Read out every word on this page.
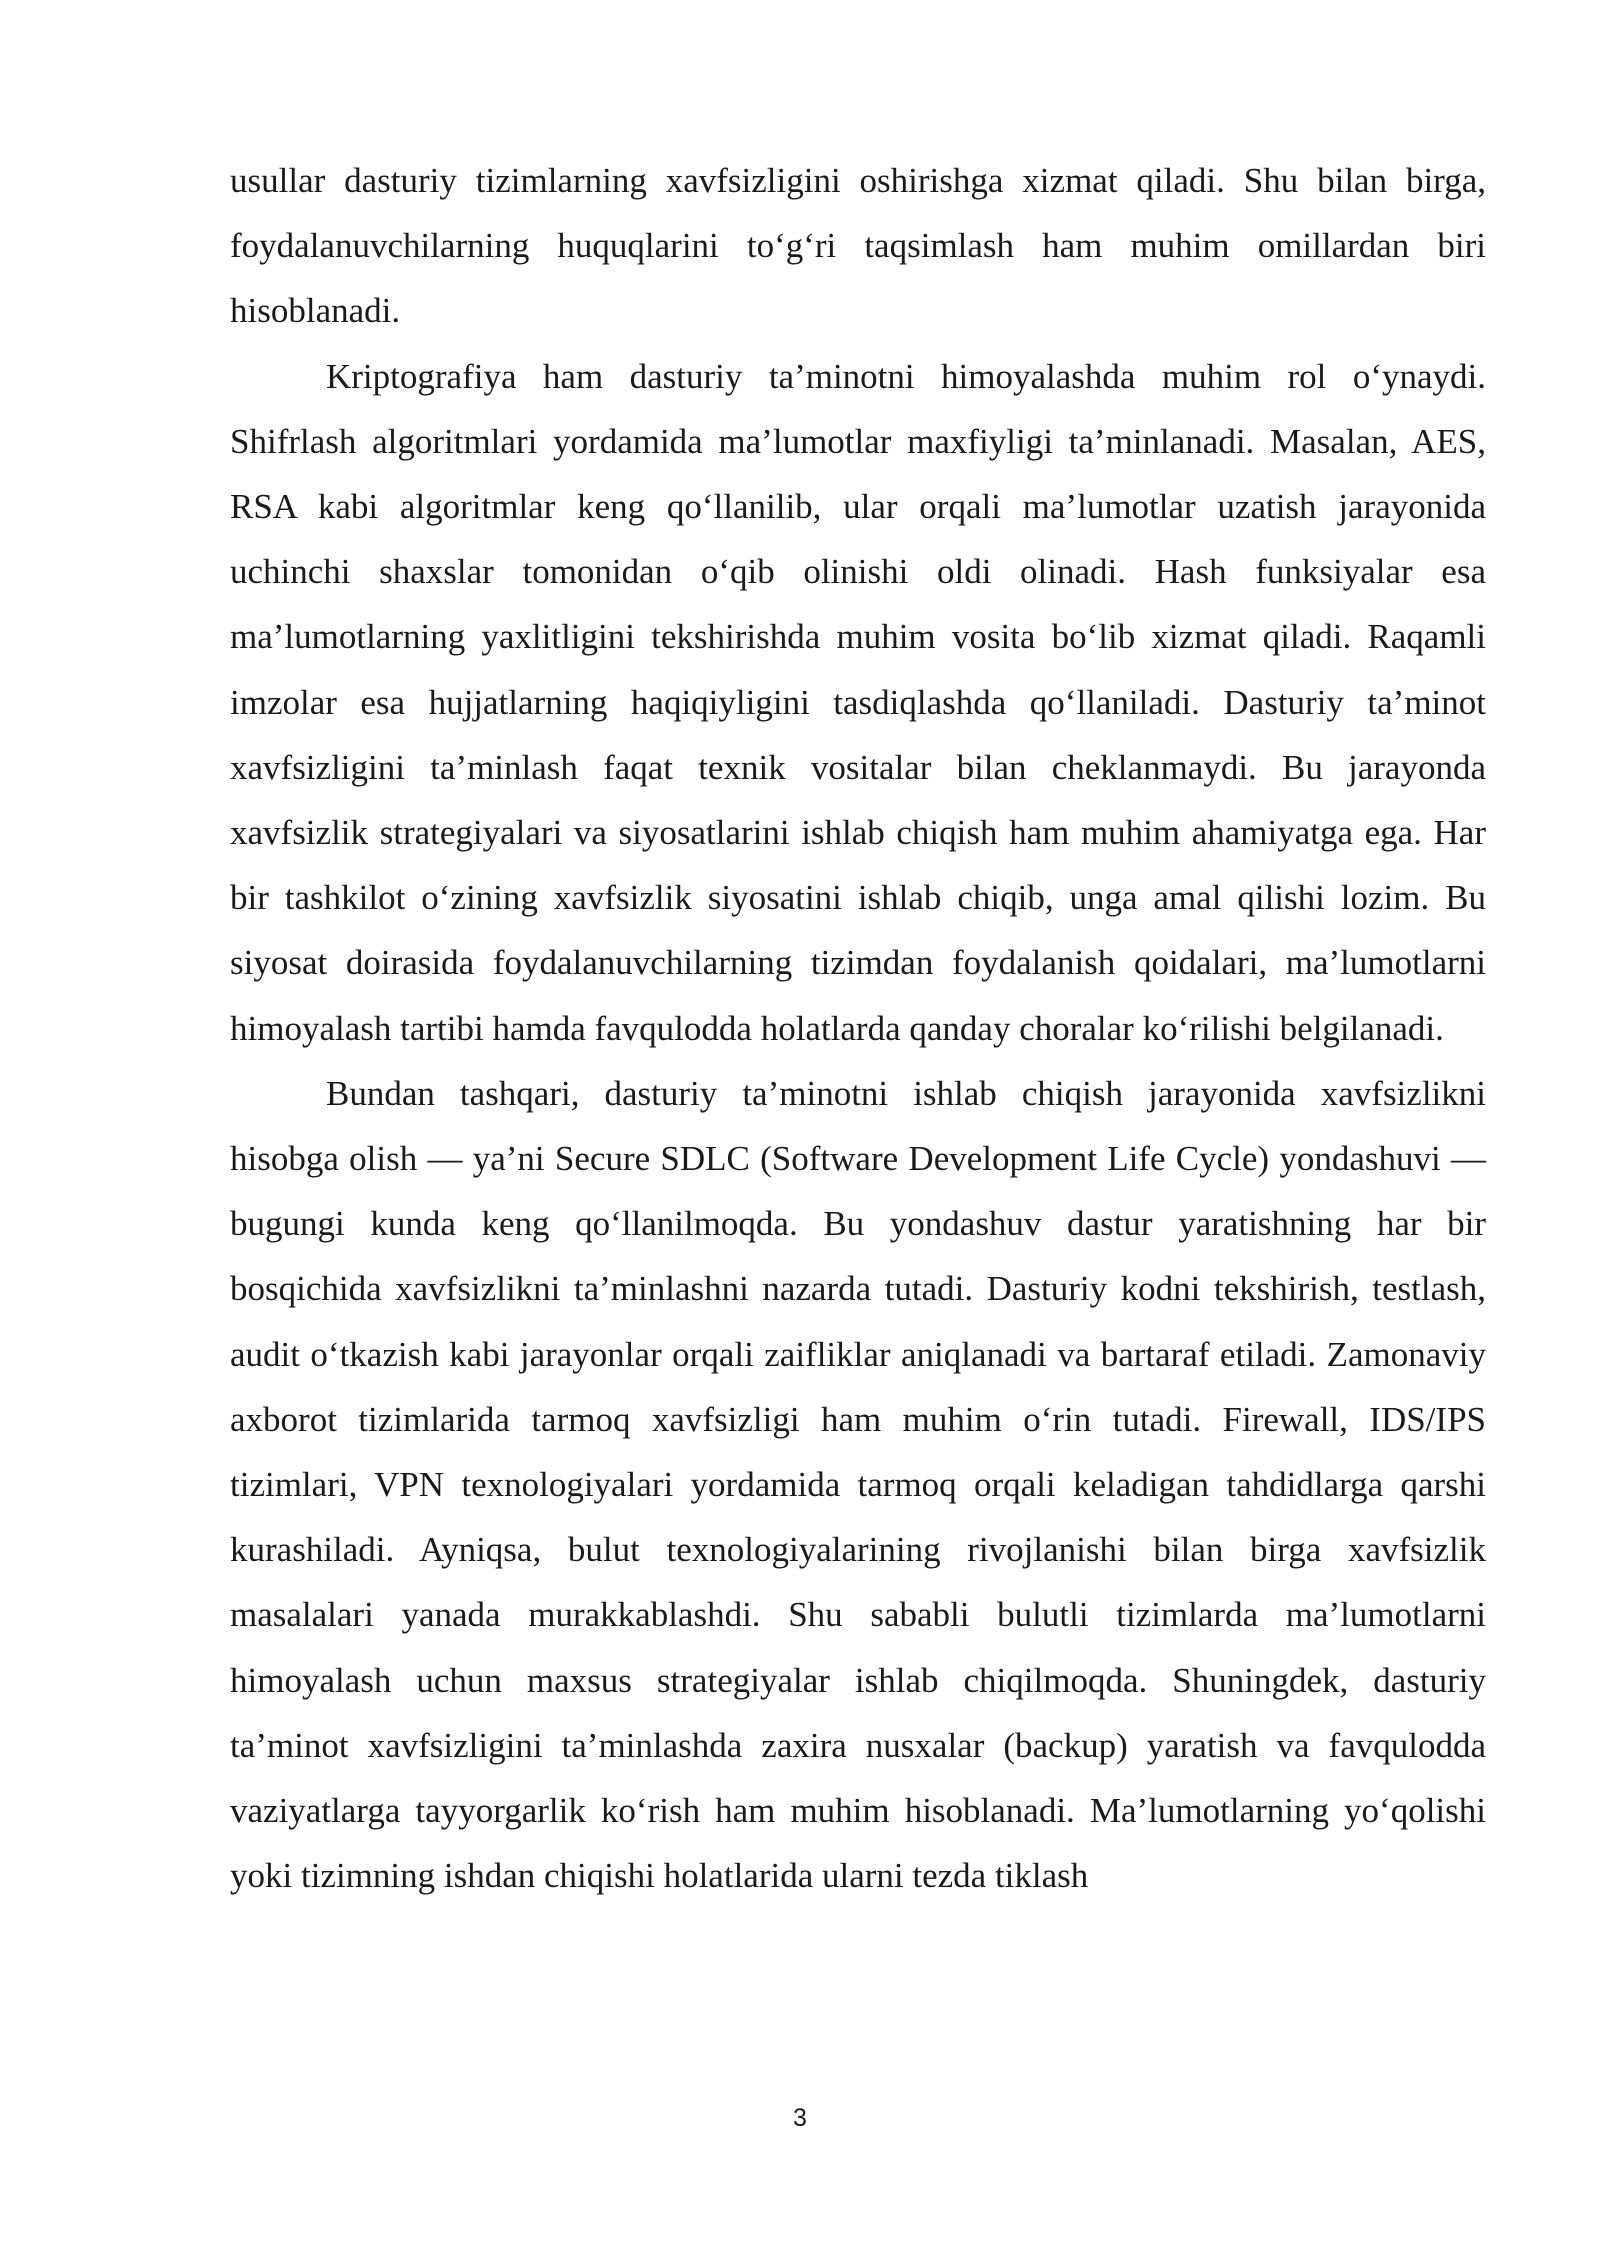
usullar dasturiy tizimlarning xavfsizligini oshirishga xizmat qiladi. Shu bilan birga, foydalanuvchilarning huquqlarini to‘g‘ri taqsimlash ham muhim omillardan biri hisoblanadi.

Kriptografiya ham dasturiy ta’minotni himoyalashda muhim rol o‘ynaydi. Shifrlash algoritmlari yordamida ma’lumotlar maxfiyligi ta’minlanadi. Masalan, AES, RSA kabi algoritmlar keng qo‘llanilib, ular orqali ma’lumotlar uzatish jarayonida uchinchi shaxslar tomonidan o‘qib olinishi oldi olinadi. Hash funksiyalar esa ma’lumotlarning yaxlitligini tekshirishda muhim vosita bo‘lib xizmat qiladi. Raqamli imzolar esa hujjatlarning haqiqiyligini tasdiqlashda qo‘llaniladi. Dasturiy ta’minot xavfsizligini ta’minlash faqat texnik vositalar bilan cheklanmaydi. Bu jarayonda xavfsizlik strategiyalari va siyosatlarini ishlab chiqish ham muhim ahamiyatga ega. Har bir tashkilot o‘zining xavfsizlik siyosatini ishlab chiqib, unga amal qilishi lozim. Bu siyosat doirasida foydalanuvchilarning tizimdan foydalanish qoidalari, ma’lumotlarni himoyalash tartibi hamda favqulodda holatlarda qanday choralar ko‘rilishi belgilanadi.

Bundan tashqari, dasturiy ta’minotni ishlab chiqish jarayonida xavfsizlikni hisobga olish — ya’ni Secure SDLC (Software Development Life Cycle) yondashuvi — bugungi kunda keng qo‘llanilmoqda. Bu yondashuv dastur yaratishning har bir bosqichida xavfsizlikni ta’minlashni nazarda tutadi. Dasturiy kodni tekshirish, testlash, audit o‘tkazish kabi jarayonlar orqali zaifliklar aniqlanadi va bartaraf etiladi. Zamonaviy axborot tizimlarida tarmoq xavfsizligi ham muhim o‘rin tutadi. Firewall, IDS/IPS tizimlari, VPN texnologiyalari yordamida tarmoq orqali keladigan tahdidlarga qarshi kurashiladi. Ayniqsa, bulut texnologiyalarining rivojlanishi bilan birga xavfsizlik masalalari yanada murakkablashdi. Shu sababli bulutli tizimlarda ma’lumotlarni himoyalash uchun maxsus strategiyalar ishlab chiqilmoqda. Shuningdek, dasturiy ta’minot xavfsizligini ta’minlashda zaxira nusxalar (backup) yaratish va favqulodda vaziyatlarga tayyorgarlik ko‘rish ham muhim hisoblanadi. Ma’lumotlarning yo‘qolishi yoki tizimning ishdan chiqishi holatlarida ularni tezda tiklash

3
